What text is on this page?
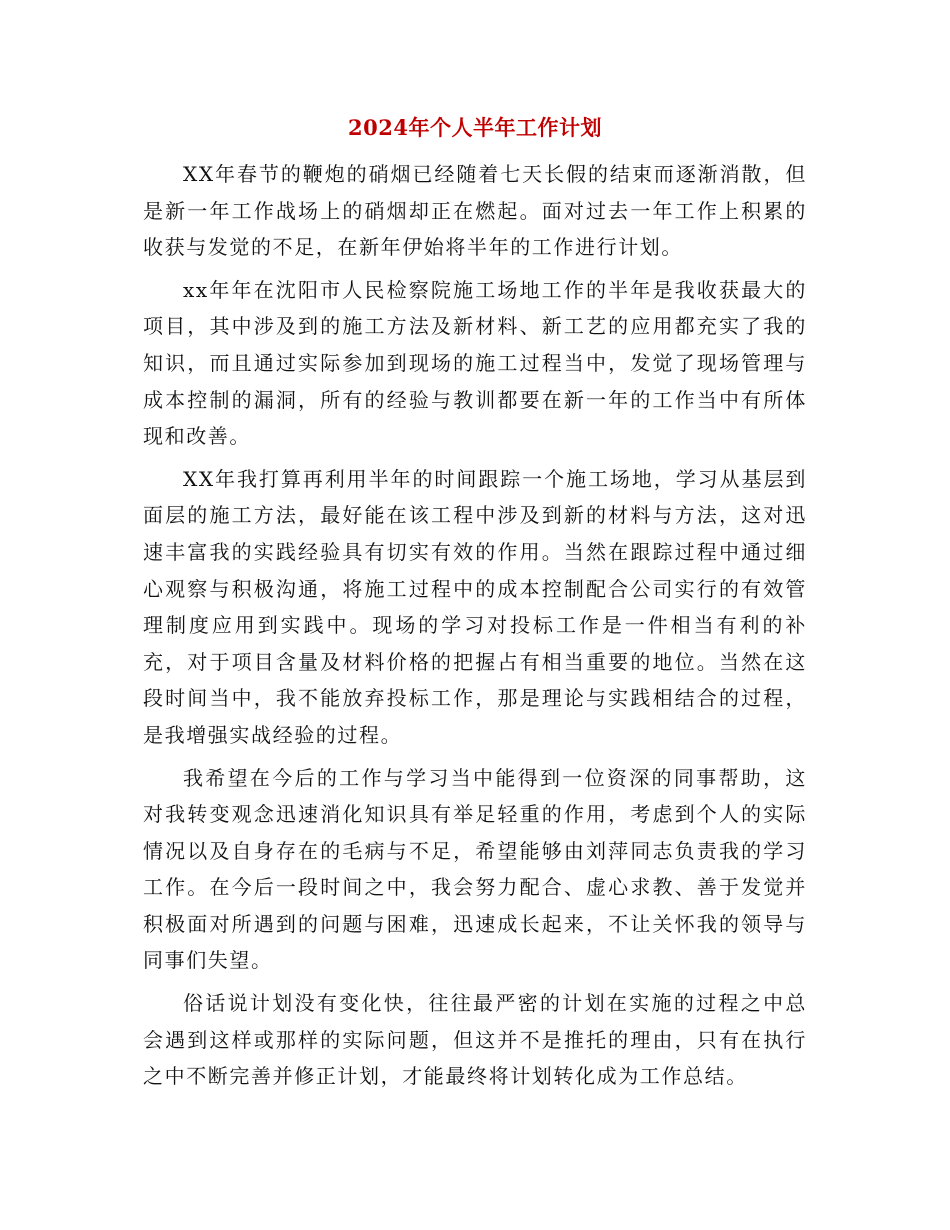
2024年个人半年工作计划

XX年春节的鞭炮的硝烟已经随着七天长假的结束而逐渐消散，但是新一年工作战场上的硝烟却正在燃起。面对过去一年工作上积累的收获与发觉的不足，在新年伊始将半年的工作进行计划。

xx年年在沈阳市人民检察院施工场地工作的半年是我收获最大的项目，其中涉及到的施工方法及新材料、新工艺的应用都充实了我的知识，而且通过实际参加到现场的施工过程当中，发觉了现场管理与成本控制的漏洞，所有的经验与教训都要在新一年的工作当中有所体现和改善。

XX年我打算再利用半年的时间跟踪一个施工场地，学习从基层到面层的施工方法，最好能在该工程中涉及到新的材料与方法，这对迅速丰富我的实践经验具有切实有效的作用。当然在跟踪过程中通过细心观察与积极沟通，将施工过程中的成本控制配合公司实行的有效管理制度应用到实践中。现场的学习对投标工作是一件相当有利的补充，对于项目含量及材料价格的把握占有相当重要的地位。当然在这段时间当中，我不能放弃投标工作，那是理论与实践相结合的过程，是我增强实战经验的过程。

我希望在今后的工作与学习当中能得到一位资深的同事帮助，这对我转变观念迅速消化知识具有举足轻重的作用，考虑到个人的实际情况以及自身存在的毛病与不足，希望能够由刘萍同志负责我的学习工作。在今后一段时间之中，我会努力配合、虚心求教、善于发觉并积极面对所遇到的问题与困难，迅速成长起来，不让关怀我的领导与同事们失望。

俗话说计划没有变化快，往往最严密的计划在实施的过程之中总会遇到这样或那样的实际问题，但这并不是推托的理由，只有在执行之中不断完善并修正计划，才能最终将计划转化成为工作总结。
